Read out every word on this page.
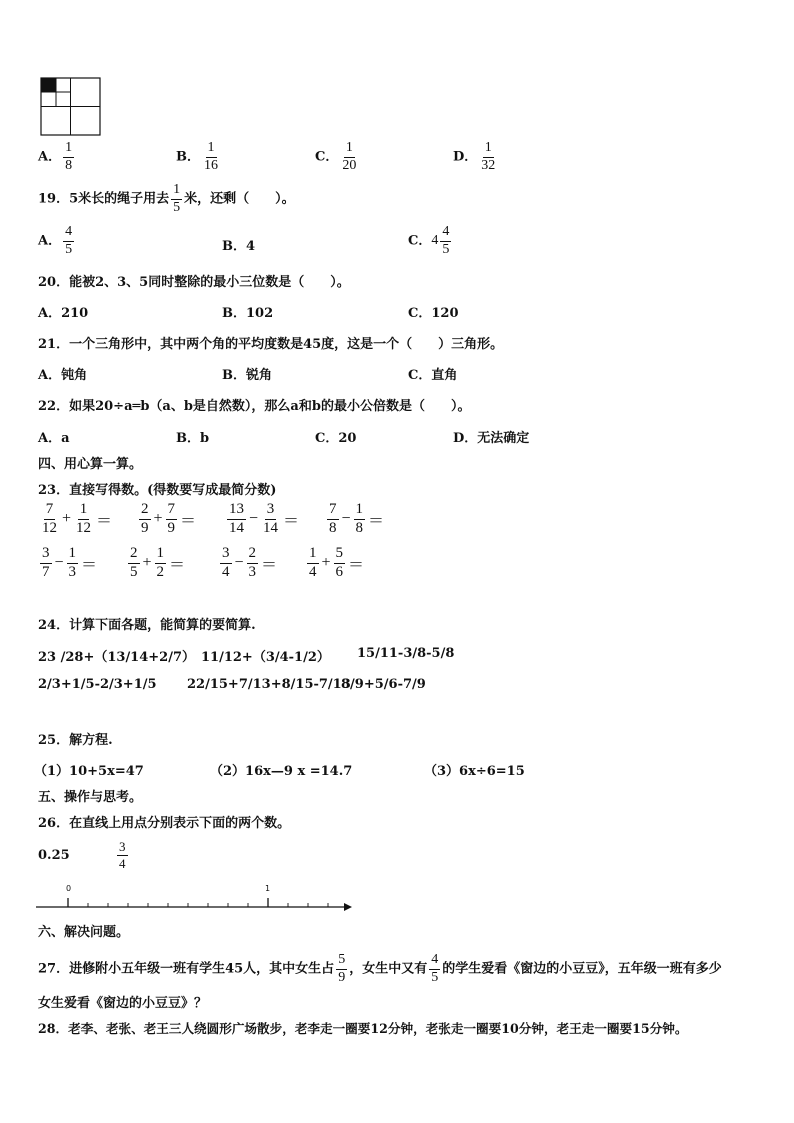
A． $\frac{1}{8}$	B． $\frac{1}{16}$	C． $\frac{1}{20}$	D． $\frac{1}{32}$
19．5米长的绳子用去 $\frac{1}{5}$ 米，还剩（　　）。
A． $\frac{4}{5}$	B．4	C．$4 \frac{4}{5}$
20．能被2、3、5同时整除的最小三位数是（　　）。
A．210	B．102	C．120
21．一个三角形中，其中两个角的平均度数是45度，这是一个（　　）三角形。
A．钝角	B．锐角	C．直角
22．如果20÷a═b（a、b是自然数），那么a和b的最小公倍数是（　　）。
A．a	B．b	C．20	D．无法确定
四、用心算一算。
23．直接写得数。(得数要写成最简分数)
$\frac{7}{12} + \frac{1}{12} = \frac{2}{9} + \frac{7}{9} = \frac{13}{14} - \frac{3}{14} = \frac{7}{8} - \frac{1}{8}$ ＝
$\frac{3}{7} - \frac{1}{3} = \frac{2}{5} + \frac{1}{2} = \frac{3}{4} - \frac{2}{3} = \frac{1}{4} + \frac{5}{6}$ ＝
24．计算下面各题，能简算的要简算.
23 /28+（13/14+2/7） 11/12+（3/4-1/2） 15/11-3/8-5/8
2/3+1/5-2/3+1/5 22/15+7/13+8/15-7/13
8/9+5/6-7/9
25．解方程.
（1）10+5x=47	（2）16x—9 x =14.7	（3）6x÷6=15
五、操作与思考。
26．在直线上用点分别表示下面的两个数。
0.25	$\frac{3}{4}$
0	1
六、解决问题。
27．进修附小五年级一班有学生45人，其中女生占 $\frac{5}{9}$ ，女生中又有 $\frac{4}{5}$ 的学生爱看《窗边的小豆豆》，五年级一班有多少
女生爱看《窗边的小豆豆》？
28．老李、老张、老王三人绕圆形广场散步，老李走一圈要12分钟，老张走一圈要10分钟，老王走一圈要15分钟。
